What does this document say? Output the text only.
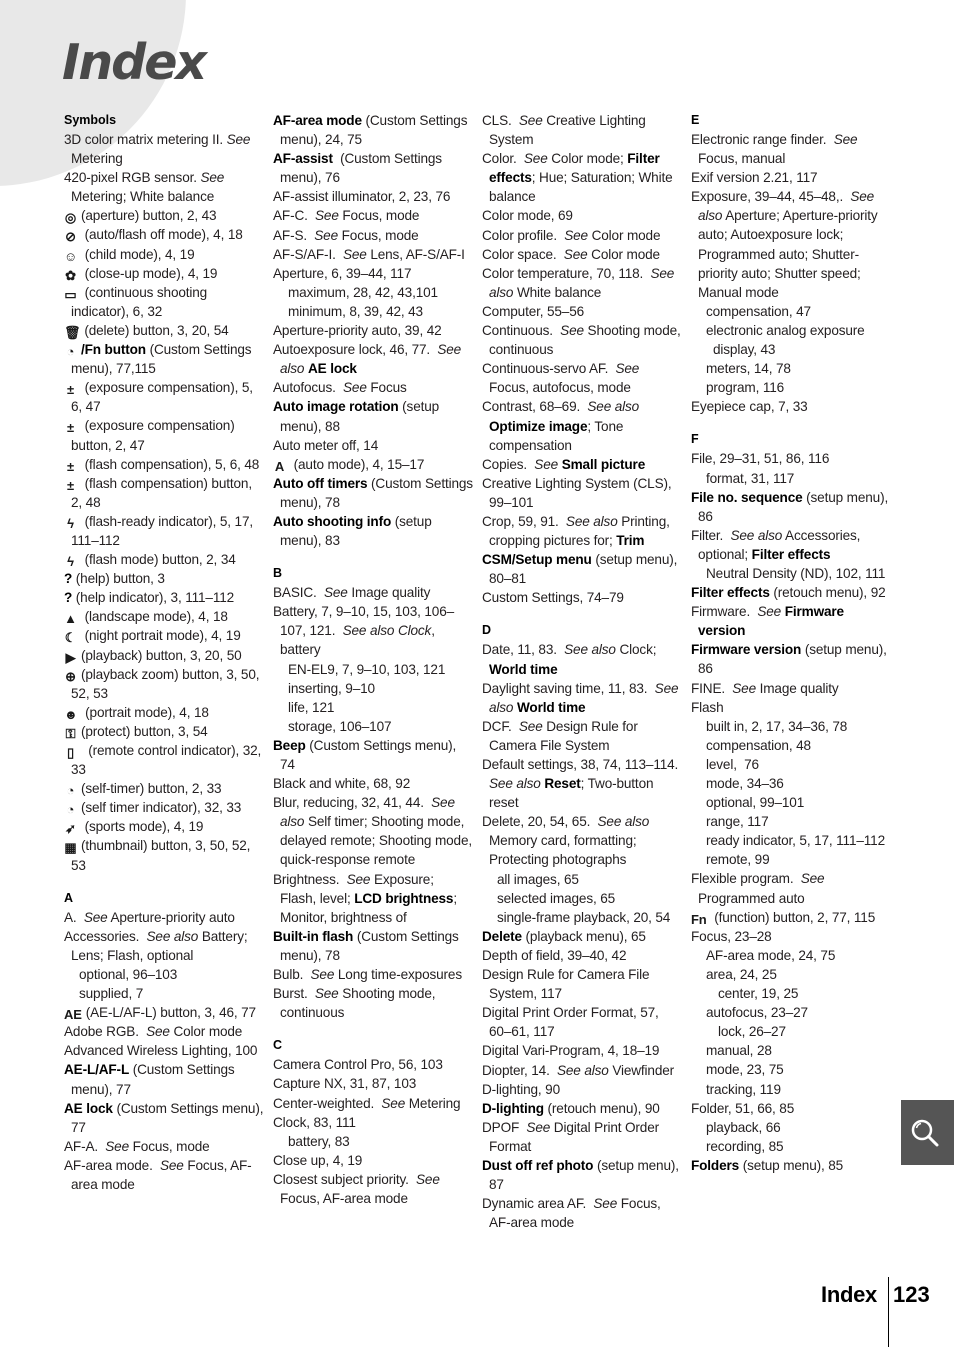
Index
Symbols
3D color matrix metering II. See Metering
420-pixel RGB sensor. See Metering; White balance
◎ (aperture) button, 2, 43
⊘ (auto/flash off mode), 4, 18
☺ (child mode), 4, 19
✿ (close-up mode), 4, 19
▭ (continuous shooting indicator), 6, 32
🗑 (delete) button, 3, 20, 54
◔ /Fn button (Custom Settings menu), 77,115
± (exposure compensation), 5, 6, 47
± (exposure compensation) button, 2, 47
± (flash compensation), 5, 6, 48
± (flash compensation) button, 2, 48
ϟ (flash-ready indicator), 5, 17, 111–112
ϟ (flash mode) button, 2, 34
? (help) button, 3
? (help indicator), 3, 111–112
▲ (landscape mode), 4, 18
☾ (night portrait mode), 4, 19
▶ (playback) button, 3, 20, 50
⊕ (playback zoom) button, 3, 50, 52, 53
☻ (portrait mode), 4, 18
⚿ (protect) button, 3, 54
▯  (remote control indicator), 32, 33
◔ (self-timer) button, 2, 33
◔ (self timer indicator), 32, 33
➶ (sports mode), 4, 19
▦ (thumbnail) button, 3, 50, 52, 53
A
A.  See Aperture-priority auto
Accessories.  See also Battery; Lens; Flash, optional
optional, 96–103
supplied, 7
AE (AE-L/AF-L) button, 3, 46, 77
Adobe RGB.  See Color mode
Advanced Wireless Lighting, 100
AE-L/AF-L (Custom Settings menu), 77
AE lock (Custom Settings menu), 77
AF-A.  See Focus, mode
AF-area mode.  See Focus, AF-area mode
AF-area mode (Custom Settings menu), 24, 75
AF-assist  (Custom Settings menu), 76
AF-assist illuminator, 2, 23, 76
AF-C.  See Focus, mode
AF-S.  See Focus, mode
AF-S/AF-I.  See Lens, AF-S/AF-I
Aperture, 6, 39–44, 117
maximum, 28, 42, 43,101
minimum, 8, 39, 42, 43
Aperture-priority auto, 39, 42
Autoexposure lock, 46, 77.  See also AE lock
Autofocus.  See Focus
Auto image rotation (setup menu), 88
Auto meter off, 14
A (auto mode), 4, 15–17
Auto off timers (Custom Settings menu), 78
Auto shooting info (setup menu), 83
B
BASIC.  See Image quality
Battery, 7, 9–10, 15, 103, 106–107, 121.  See also Clock, battery
EN-EL9, 7, 9–10, 103, 121
inserting, 9–10
life, 121
storage, 106–107
Beep (Custom Settings menu), 74
Black and white, 68, 92
Blur, reducing, 32, 41, 44.  See also Self timer; Shooting mode, delayed remote; Shooting mode, quick-response remote
Brightness.  See Exposure; Flash, level; LCD brightness; Monitor, brightness of
Built-in flash (Custom Settings menu), 78
Bulb.  See Long time-exposures
Burst.  See Shooting mode, continuous
C
Camera Control Pro, 56, 103
Capture NX, 31, 87, 103
Center-weighted.  See Metering
Clock, 83, 111
battery, 83
Close up, 4, 19
Closest subject priority.  See Focus, AF-area mode
CLS.  See Creative Lighting System
Color.  See Color mode; Filter effects; Hue; Saturation; White balance
Color mode, 69
Color profile.  See Color mode
Color space.  See Color mode
Color temperature, 70, 118.  See also White balance
Computer, 55–56
Continuous.  See Shooting mode, continuous
Continuous-servo AF.  See Focus, autofocus, mode
Contrast, 68–69.  See also Optimize image; Tone compensation
Copies.  See Small picture
Creative Lighting System (CLS), 99–101
Crop, 59, 91.  See also Printing, cropping pictures for; Trim
CSM/Setup menu (setup menu), 80–81
Custom Settings, 74–79
D
Date, 11, 83.  See also Clock; World time
Daylight saving time, 11, 83.  See also World time
DCF.  See Design Rule for Camera File System
Default settings, 38, 74, 113–114.  See also Reset; Two-button reset
Delete, 20, 54, 65.  See also Memory card, formatting; Protecting photographs
all images, 65
selected images, 65
single-frame playback, 20, 54
Delete (playback menu), 65
Depth of field, 39–40, 42
Design Rule for Camera File System, 117
Digital Print Order Format, 57, 60–61, 117
Digital Vari-Program, 4, 18–19
Diopter, 14.  See also Viewfinder
D-lighting, 90
D-lighting (retouch menu), 90
DPOF  See Digital Print Order Format
Dust off ref photo (setup menu), 87
Dynamic area AF.  See Focus, AF-area mode
E
Electronic range finder.  See Focus, manual
Exif version 2.21, 117
Exposure, 39–44, 45–48,.  See also Aperture; Aperture-priority auto; Autoexposure lock; Programmed auto; Shutter-priority auto; Shutter speed; Manual mode
compensation, 47
electronic analog exposure display, 43
meters, 14, 78
program, 116
Eyepiece cap, 7, 33
F
File, 29–31, 51, 86, 116
format, 31, 117
File no. sequence (setup menu), 86
Filter.  See also Accessories, optional; Filter effects
Neutral Density (ND), 102, 111
Filter effects (retouch menu), 92
Firmware.  See Firmware version
Firmware version (setup menu), 86
FINE.  See Image quality
Flash
built in, 2, 17, 34–36, 78
compensation, 48
level,  76
mode, 34–36
optional, 99–101
range, 117
ready indicator, 5, 17, 111–112
remote, 99
Flexible program.  See Programmed auto
Fn (function) button, 2, 77, 115
Focus, 23–28
AF-area mode, 24, 75
area, 24, 25
center, 19, 25
autofocus, 23–27
lock, 26–27
manual, 28
mode, 23, 75
tracking, 119
Folder, 51, 66, 85
playback, 66
recording, 85
Folders (setup menu), 85

Index 123
